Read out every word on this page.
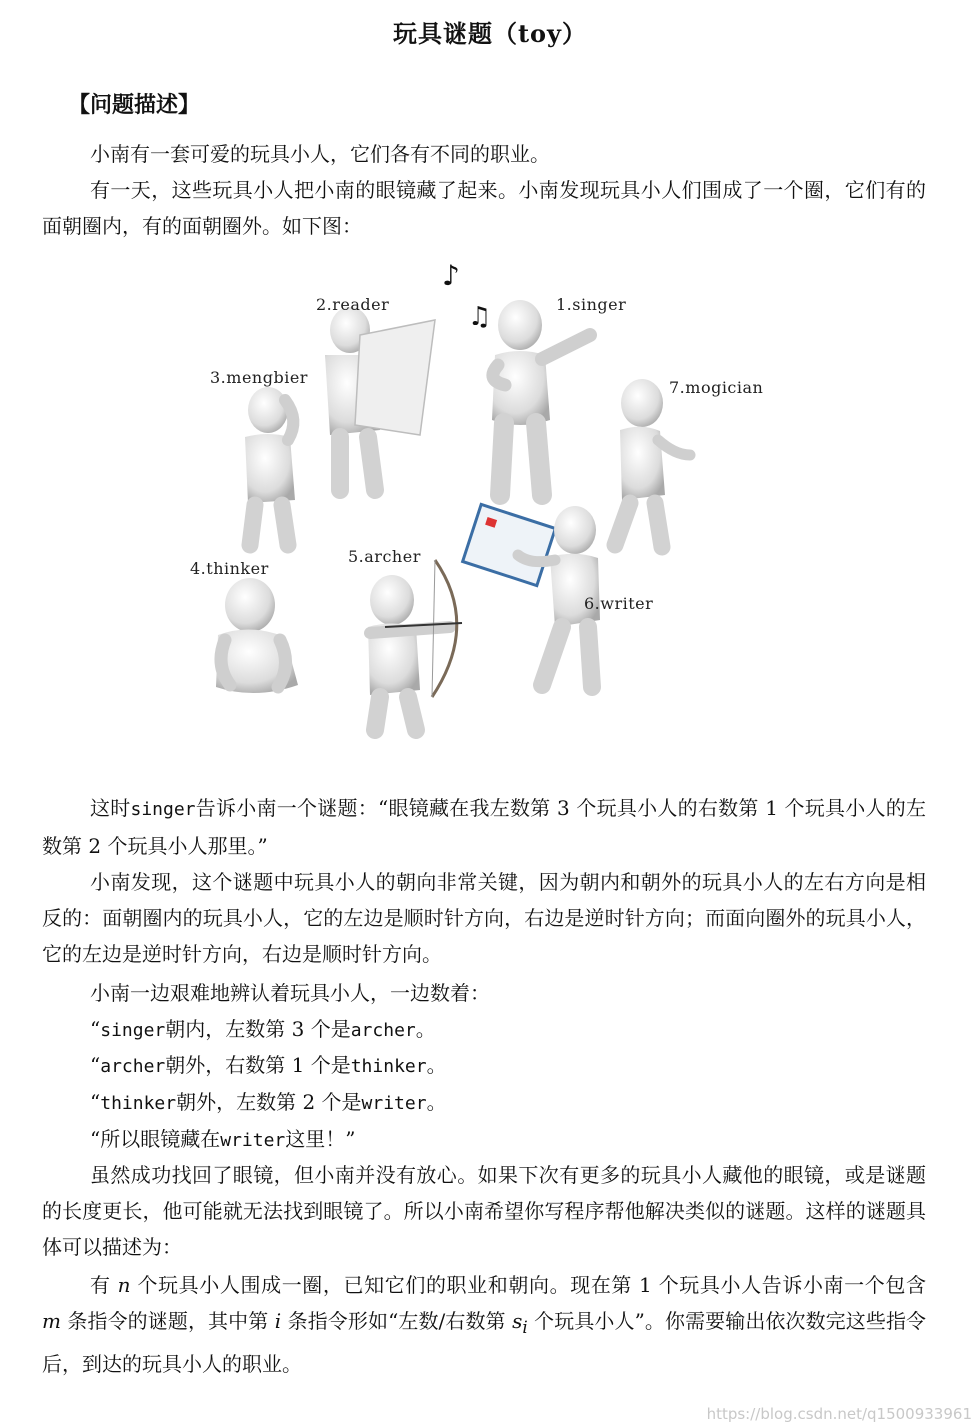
玩具谜题（toy）
【问题描述】

小南有一套可爱的玩具小人，它们各有不同的职业。

有一天，这些玩具小人把小南的眼镜藏了起来。小南发现玩具小人们围成了一个圈，它们有的面朝圈内，有的面朝圈外。如下图：

♪
♫
2.reader	1.singer
3.mengbier
7.mogician
4.thinker
5.archer
6.writer

这时singer告诉小南一个谜题：“眼镜藏在我左数第 3 个玩具小人的右数第 1 个玩具小人的左数第 2 个玩具小人那里。”

小南发现，这个谜题中玩具小人的朝向非常关键，因为朝内和朝外的玩具小人的左右方向是相反的：面朝圈内的玩具小人，它的左边是顺时针方向，右边是逆时针方向；而面向圈外的玩具小人，它的左边是逆时针方向，右边是顺时针方向。

小南一边艰难地辨认着玩具小人，一边数着：

“singer朝内，左数第 3 个是archer。

“archer朝外，右数第 1 个是thinker。

“thinker朝外，左数第 2 个是writer。

“所以眼镜藏在writer这里！”

虽然成功找回了眼镜，但小南并没有放心。如果下次有更多的玩具小人藏他的眼镜，或是谜题的长度更长，他可能就无法找到眼镜了。所以小南希望你写程序帮他解决类似的谜题。这样的谜题具体可以描述为：

有 n 个玩具小人围成一圈，已知它们的职业和朝向。现在第 1 个玩具小人告诉小南一个包含 m 条指令的谜题，其中第 i 条指令形如“左数/右数第 $s_i$ 个玩具小人”。你需要输出依次数完这些指令后，到达的玩具小人的职业。

https://blog.csdn.net/q1500933961
